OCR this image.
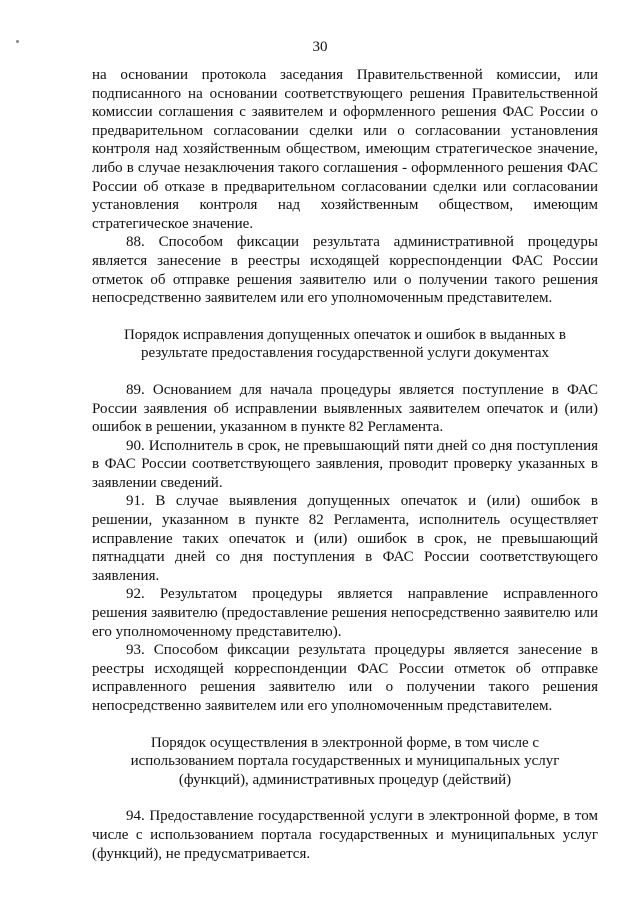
30

на основании протокола заседания Правительственной комиссии, или подписанного на основании соответствующего решения Правительственной комиссии соглашения с заявителем и оформленного решения ФАС России о предварительном согласовании сделки или о согласовании установления контроля над хозяйственным обществом, имеющим стратегическое значение, либо в случае незаключения такого соглашения - оформленного решения ФАС России об отказе в предварительном согласовании сделки или согласовании установления контроля над хозяйственным обществом, имеющим стратегическое значение.

88. Способом фиксации результата административной процедуры является занесение в реестры исходящей корреспонденции ФАС России отметок об отправке решения заявителю или о получении такого решения непосредственно заявителем или его уполномоченным представителем.

Порядок исправления допущенных опечаток и ошибок в выданных в результате предоставления государственной услуги документах

89. Основанием для начала процедуры является поступление в ФАС России заявления об исправлении выявленных заявителем опечаток и (или) ошибок в решении, указанном в пункте 82 Регламента.

90. Исполнитель в срок, не превышающий пяти дней со дня поступления в ФАС России соответствующего заявления, проводит проверку указанных в заявлении сведений.

91. В случае выявления допущенных опечаток и (или) ошибок в решении, указанном в пункте 82 Регламента, исполнитель осуществляет исправление таких опечаток и (или) ошибок в срок, не превышающий пятнадцати дней со дня поступления в ФАС России соответствующего заявления.

92. Результатом процедуры является направление исправленного решения заявителю (предоставление решения непосредственно заявителю или его уполномоченному представителю).

93. Способом фиксации результата процедуры является занесение в реестры исходящей корреспонденции ФАС России отметок об отправке исправленного решения заявителю или о получении такого решения непосредственно заявителем или его уполномоченным представителем.

Порядок осуществления в электронной форме, в том числе с использованием портала государственных и муниципальных услуг (функций), административных процедур (действий)

94. Предоставление государственной услуги в электронной форме, в том числе с использованием портала государственных и муниципальных услуг (функций), не предусматривается.
